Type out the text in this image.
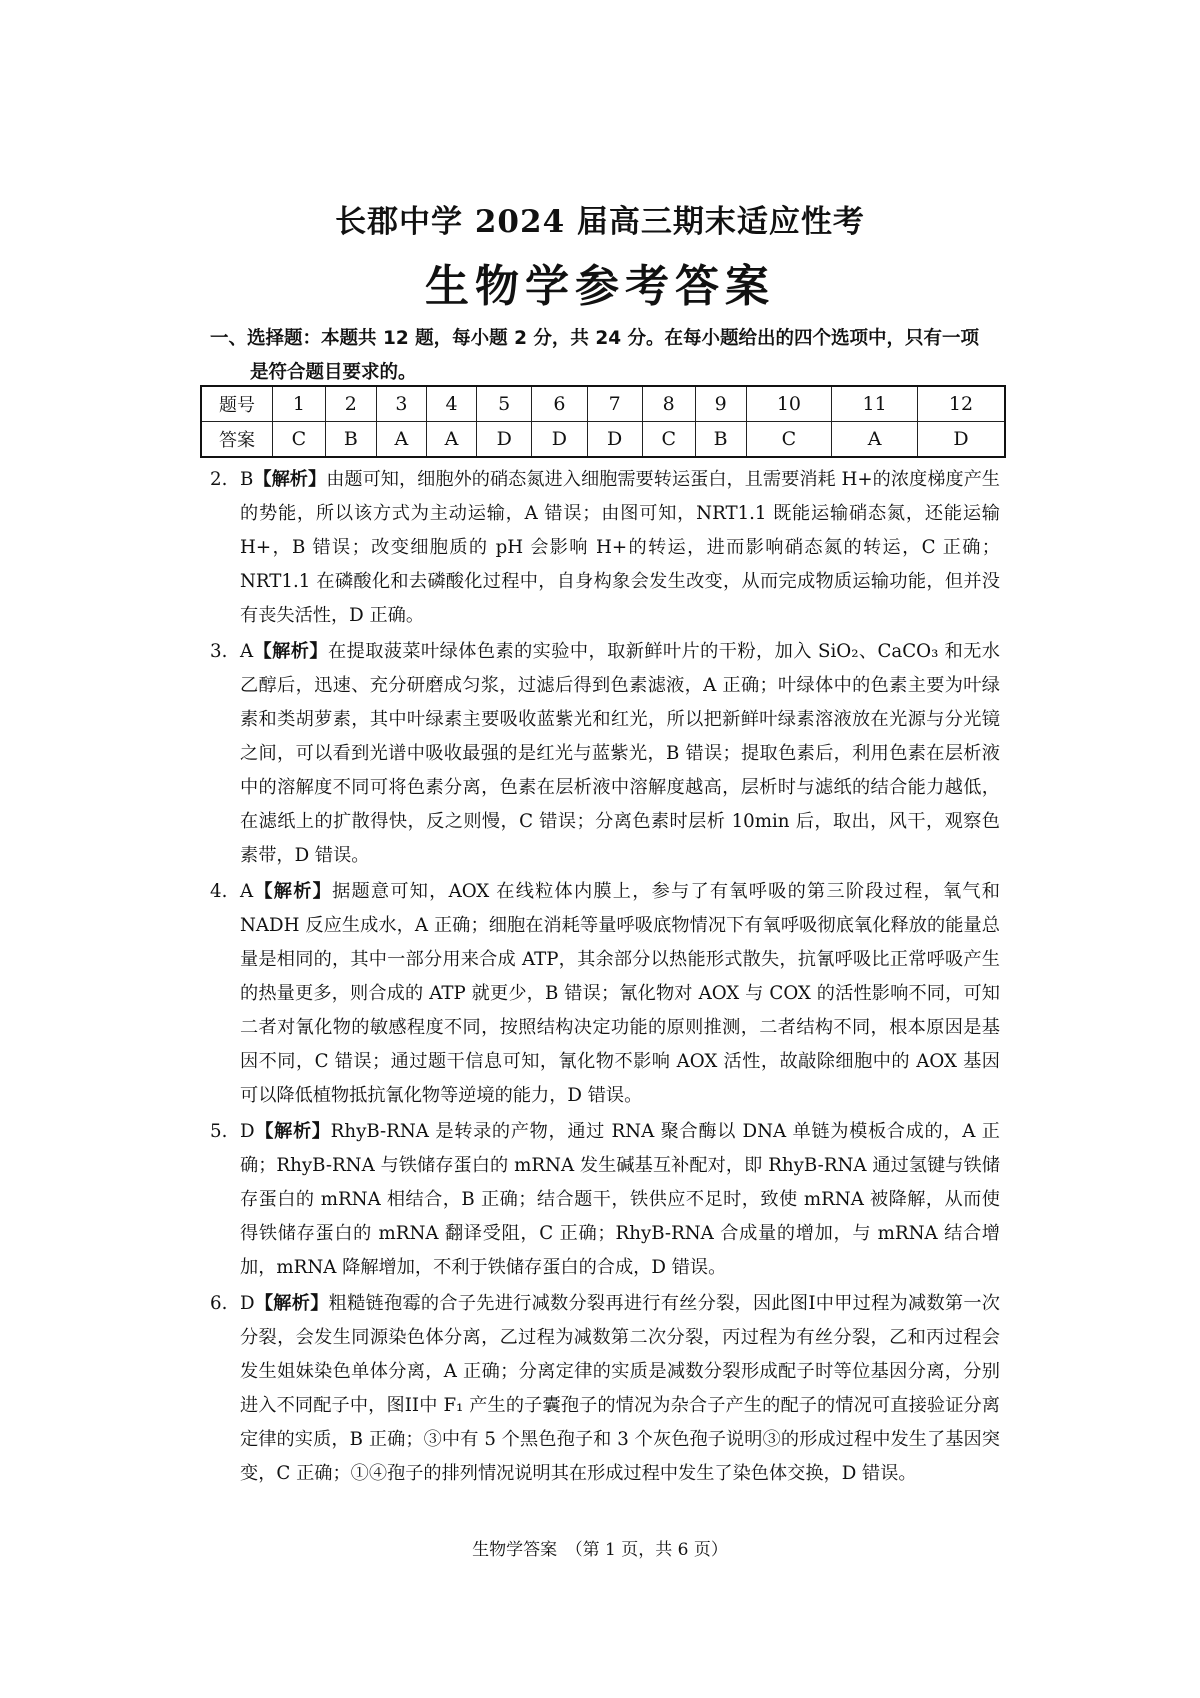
长郡中学 2024 届高三期末适应性考
生物学参考答案
一、选择题：本题共 12 题，每小题 2 分，共 24 分。在每小题给出的四个选项中，只有一项
是符合题目要求的。
题号	1	2	3	4	5	6	7	8	9	10	11	12
答案	C	B	A	A	D	D	D	C	B	C	A	D
2. B【解析】由题可知，细胞外的硝态氮进入细胞需要转运蛋白，且需要消耗 H+的浓度梯度产生的势能，所以该方式为主动运输，A 错误；由图可知，NRT1.1 既能运输硝态氮，还能运输 H+，B 错误；改变细胞质的 pH 会影响 H+的转运，进而影响硝态氮的转运，C 正确；NRT1.1 在磷酸化和去磷酸化过程中，自身构象会发生改变，从而完成物质运输功能，但并没有丧失活性，D 正确。
3. A【解析】在提取菠菜叶绿体色素的实验中，取新鲜叶片的干粉，加入 SiO₂、CaCO₃ 和无水乙醇后，迅速、充分研磨成匀浆，过滤后得到色素滤液，A 正确；叶绿体中的色素主要为叶绿素和类胡萝素，其中叶绿素主要吸收蓝紫光和红光，所以把新鲜叶绿素溶液放在光源与分光镜之间，可以看到光谱中吸收最强的是红光与蓝紫光，B 错误；提取色素后，利用色素在层析液中的溶解度不同可将色素分离，色素在层析液中溶解度越高，层析时与滤纸的结合能力越低，在滤纸上的扩散得快，反之则慢，C 错误；分离色素时层析 10min 后，取出，风干，观察色素带，D 错误。
4. A【解析】据题意可知，AOX 在线粒体内膜上，参与了有氧呼吸的第三阶段过程，氧气和 NADH 反应生成水，A 正确；细胞在消耗等量呼吸底物情况下有氧呼吸彻底氧化释放的能量总量是相同的，其中一部分用来合成 ATP，其余部分以热能形式散失，抗氰呼吸比正常呼吸产生的热量更多，则合成的 ATP 就更少，B 错误；氰化物对 AOX 与 COX 的活性影响不同，可知二者对氰化物的敏感程度不同，按照结构决定功能的原则推测，二者结构不同，根本原因是基因不同，C 错误；通过题干信息可知，氰化物不影响 AOX 活性，故敲除细胞中的 AOX 基因可以降低植物抵抗氰化物等逆境的能力，D 错误。
5. D【解析】RhyB-RNA 是转录的产物，通过 RNA 聚合酶以 DNA 单链为模板合成的，A 正确；RhyB-RNA 与铁储存蛋白的 mRNA 发生碱基互补配对，即 RhyB-RNA 通过氢键与铁储存蛋白的 mRNA 相结合，B 正确；结合题干，铁供应不足时，致使 mRNA 被降解，从而使得铁储存蛋白的 mRNA 翻译受阻，C 正确；RhyB-RNA 合成量的增加，与 mRNA 结合增加，mRNA 降解增加，不利于铁储存蛋白的合成，D 错误。
6. D【解析】粗糙链孢霉的合子先进行减数分裂再进行有丝分裂，因此图I中甲过程为减数第一次分裂，会发生同源染色体分离，乙过程为减数第二次分裂，丙过程为有丝分裂，乙和丙过程会发生姐妹染色单体分离，A 正确；分离定律的实质是减数分裂形成配子时等位基因分离，分别进入不同配子中，图II中 F₁ 产生的子囊孢子的情况为杂合子产生的配子的情况可直接验证分离定律的实质，B 正确；③中有 5 个黑色孢子和 3 个灰色孢子说明③的形成过程中发生了基因突变，C 正确；①④孢子的排列情况说明其在形成过程中发生了染色体交换，D 错误。
生物学答案　（第 1 页，共 6 页）
